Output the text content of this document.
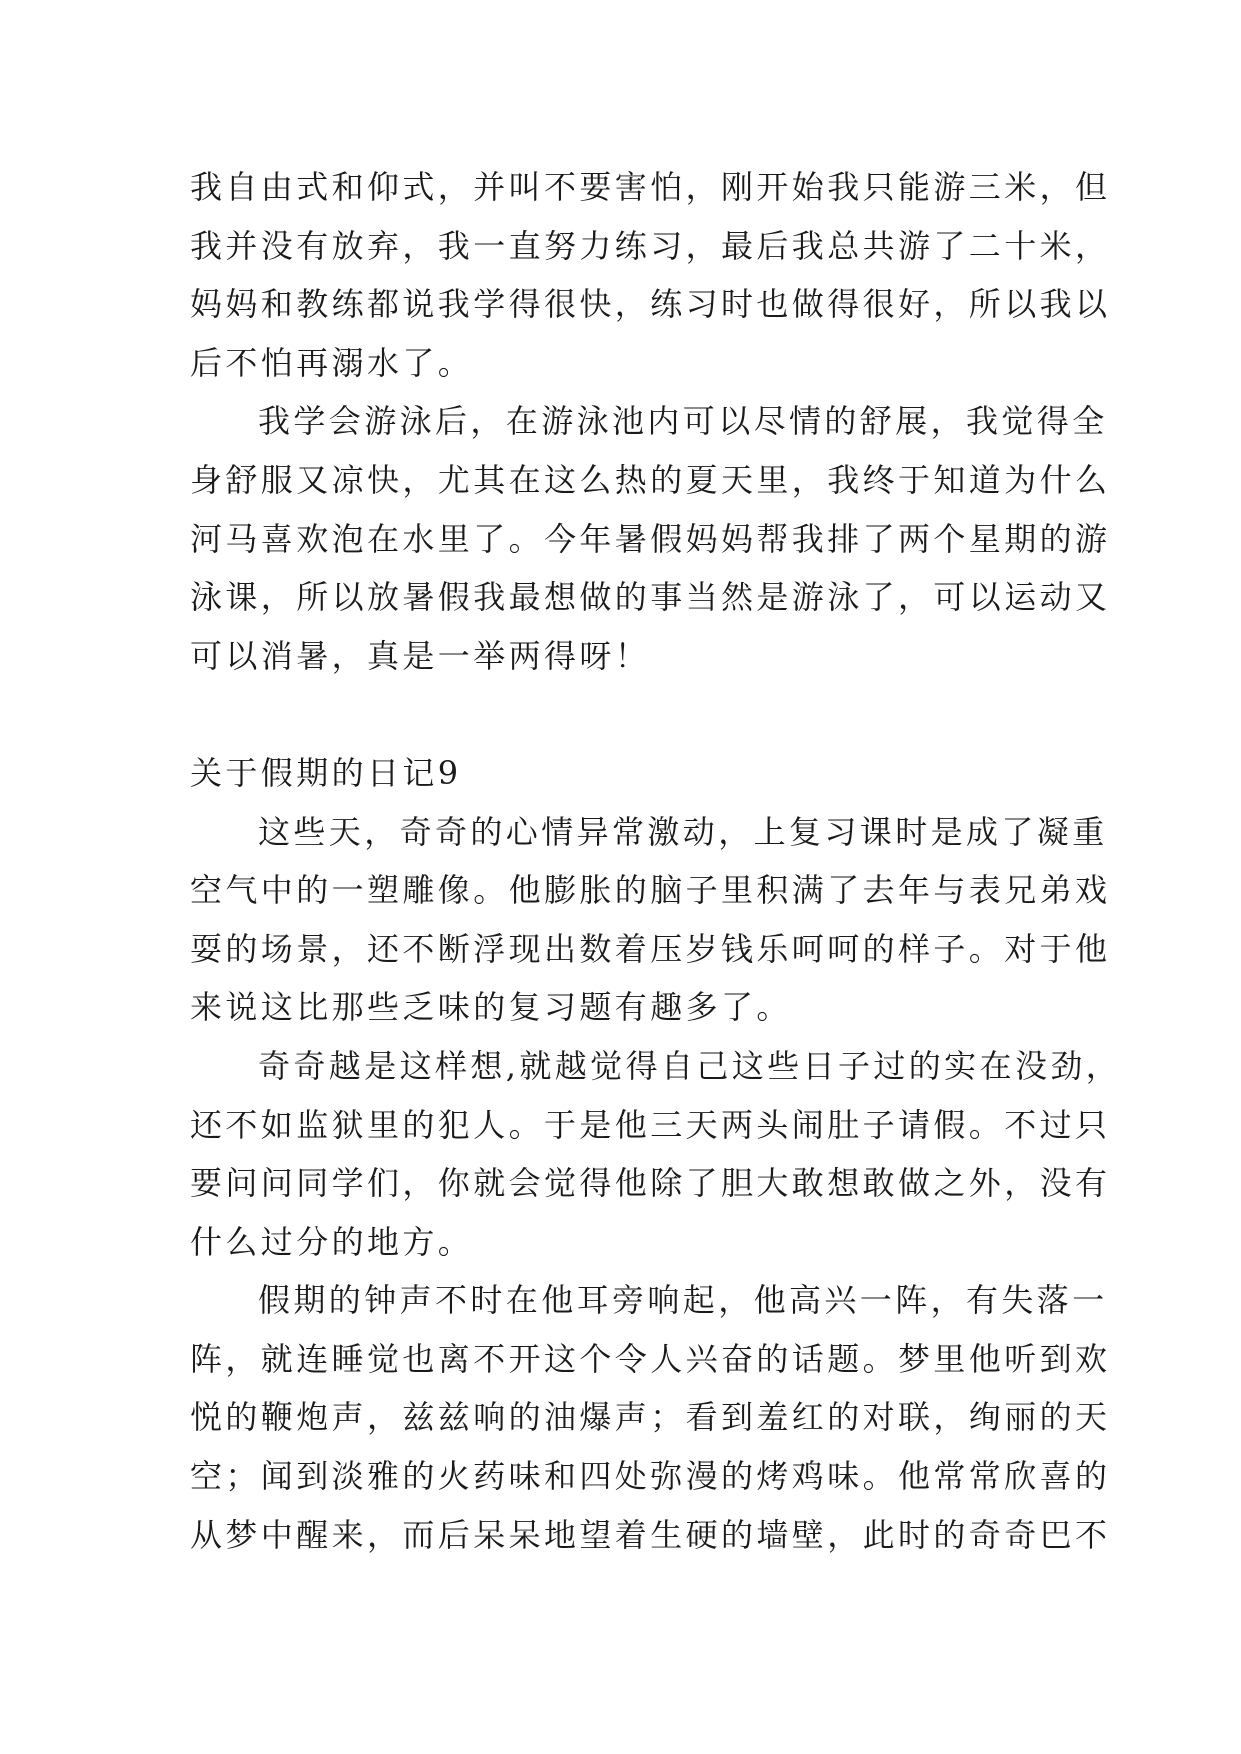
我自由式和仰式，并叫不要害怕，刚开始我只能游三米，但
我并没有放弃，我一直努力练习，最后我总共游了二十米，
妈妈和教练都说我学得很快，练习时也做得很好，所以我以
后不怕再溺水了。
我学会游泳后，在游泳池内可以尽情的舒展，我觉得全
身舒服又凉快，尤其在这么热的夏天里，我终于知道为什么
河马喜欢泡在水里了。今年暑假妈妈帮我排了两个星期的游
泳课，所以放暑假我最想做的事当然是游泳了，可以运动又
可以消暑，真是一举两得呀！
关于假期的日记9
这些天，奇奇的心情异常激动，上复习课时是成了凝重
空气中的一塑雕像。他膨胀的脑子里积满了去年与表兄弟戏
耍的场景，还不断浮现出数着压岁钱乐呵呵的样子。对于他
来说这比那些乏味的复习题有趣多了。
奇奇越是这样想,就越觉得自己这些日子过的实在没劲，
还不如监狱里的犯人。于是他三天两头闹肚子请假。不过只
要问问同学们，你就会觉得他除了胆大敢想敢做之外，没有
什么过分的地方。
假期的钟声不时在他耳旁响起，他高兴一阵，有失落一
阵，就连睡觉也离不开这个令人兴奋的话题。梦里他听到欢
悦的鞭炮声，兹兹响的油爆声；看到羞红的对联，绚丽的天
空；闻到淡雅的火药味和四处弥漫的烤鸡味。他常常欣喜的
从梦中醒来，而后呆呆地望着生硬的墙壁，此时的奇奇巴不
